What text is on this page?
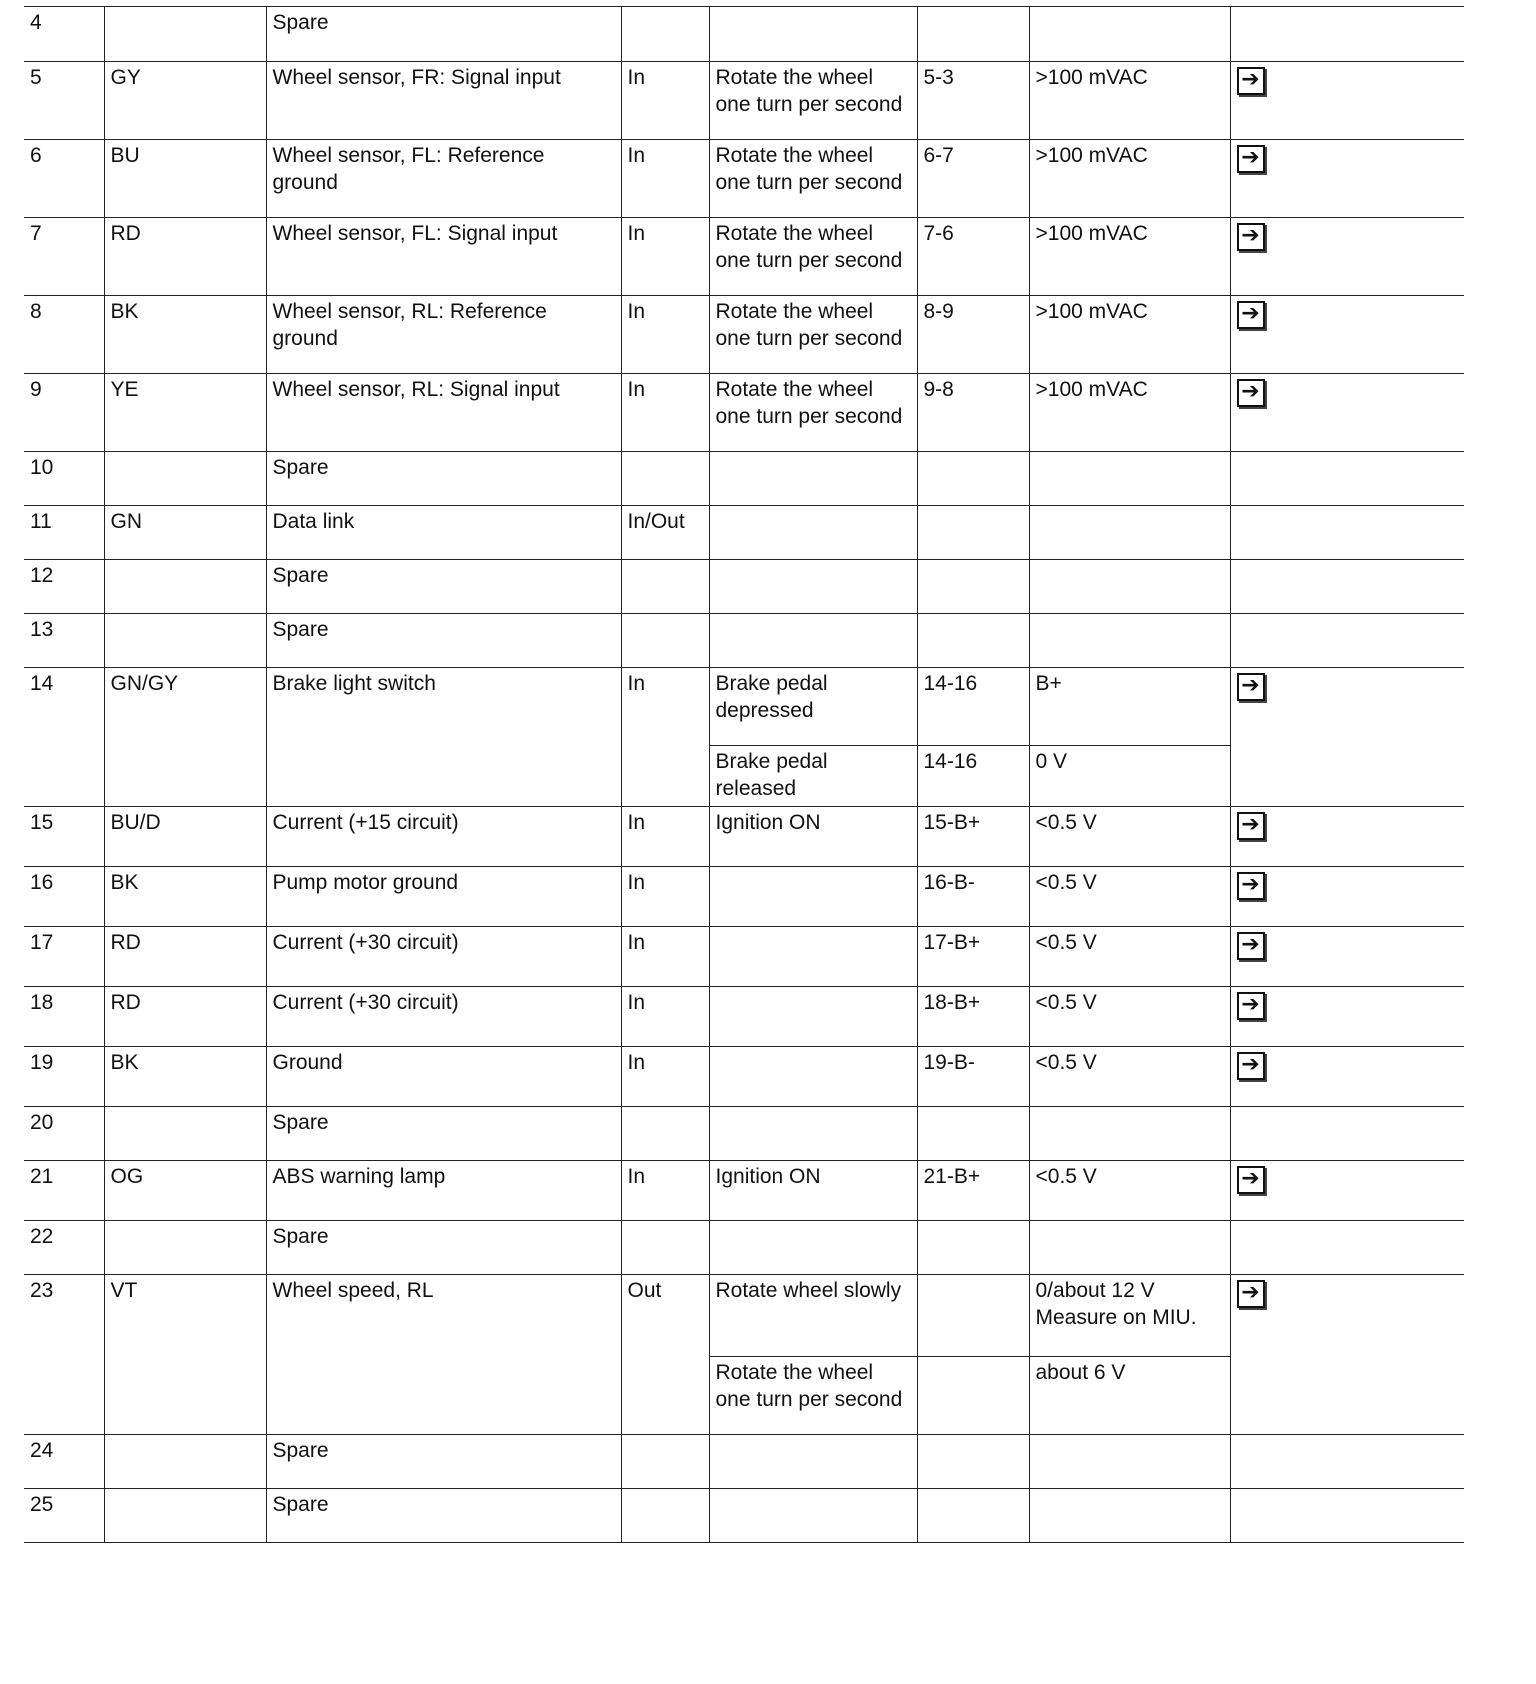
4		Spare					
5	GY	Wheel sensor, FR: Signal input	In	Rotate the wheel one turn per second	5-3	>100 mVAC	➔
6	BU	Wheel sensor, FL: Reference ground	In	Rotate the wheel one turn per second	6-7	>100 mVAC	➔
7	RD	Wheel sensor, FL: Signal input	In	Rotate the wheel one turn per second	7-6	>100 mVAC	➔
8	BK	Wheel sensor, RL: Reference ground	In	Rotate the wheel one turn per second	8-9	>100 mVAC	➔
9	YE	Wheel sensor, RL: Signal input	In	Rotate the wheel one turn per second	9-8	>100 mVAC	➔
10		Spare					
11	GN	Data link	In/Out				
12		Spare					
13		Spare					
14	GN/GY	Brake light switch	In	Brake pedal depressed	14-16	B+	➔
				Brake pedal released	14-16	0 V	
15	BU/D	Current (+15 circuit)	In	Ignition ON	15-B+	<0.5 V	➔
16	BK	Pump motor ground	In		16-B-	<0.5 V	➔
17	RD	Current (+30 circuit)	In		17-B+	<0.5 V	➔
18	RD	Current (+30 circuit)	In		18-B+	<0.5 V	➔
19	BK	Ground	In		19-B-	<0.5 V	➔
20		Spare					
21	OG	ABS warning lamp	In	Ignition ON	21-B+	<0.5 V	➔
22		Spare					
23	VT	Wheel speed, RL	Out	Rotate wheel slowly		0/about 12 V Measure on MIU.	➔
				Rotate the wheel one turn per second		about 6 V	
24		Spare					
25		Spare					
